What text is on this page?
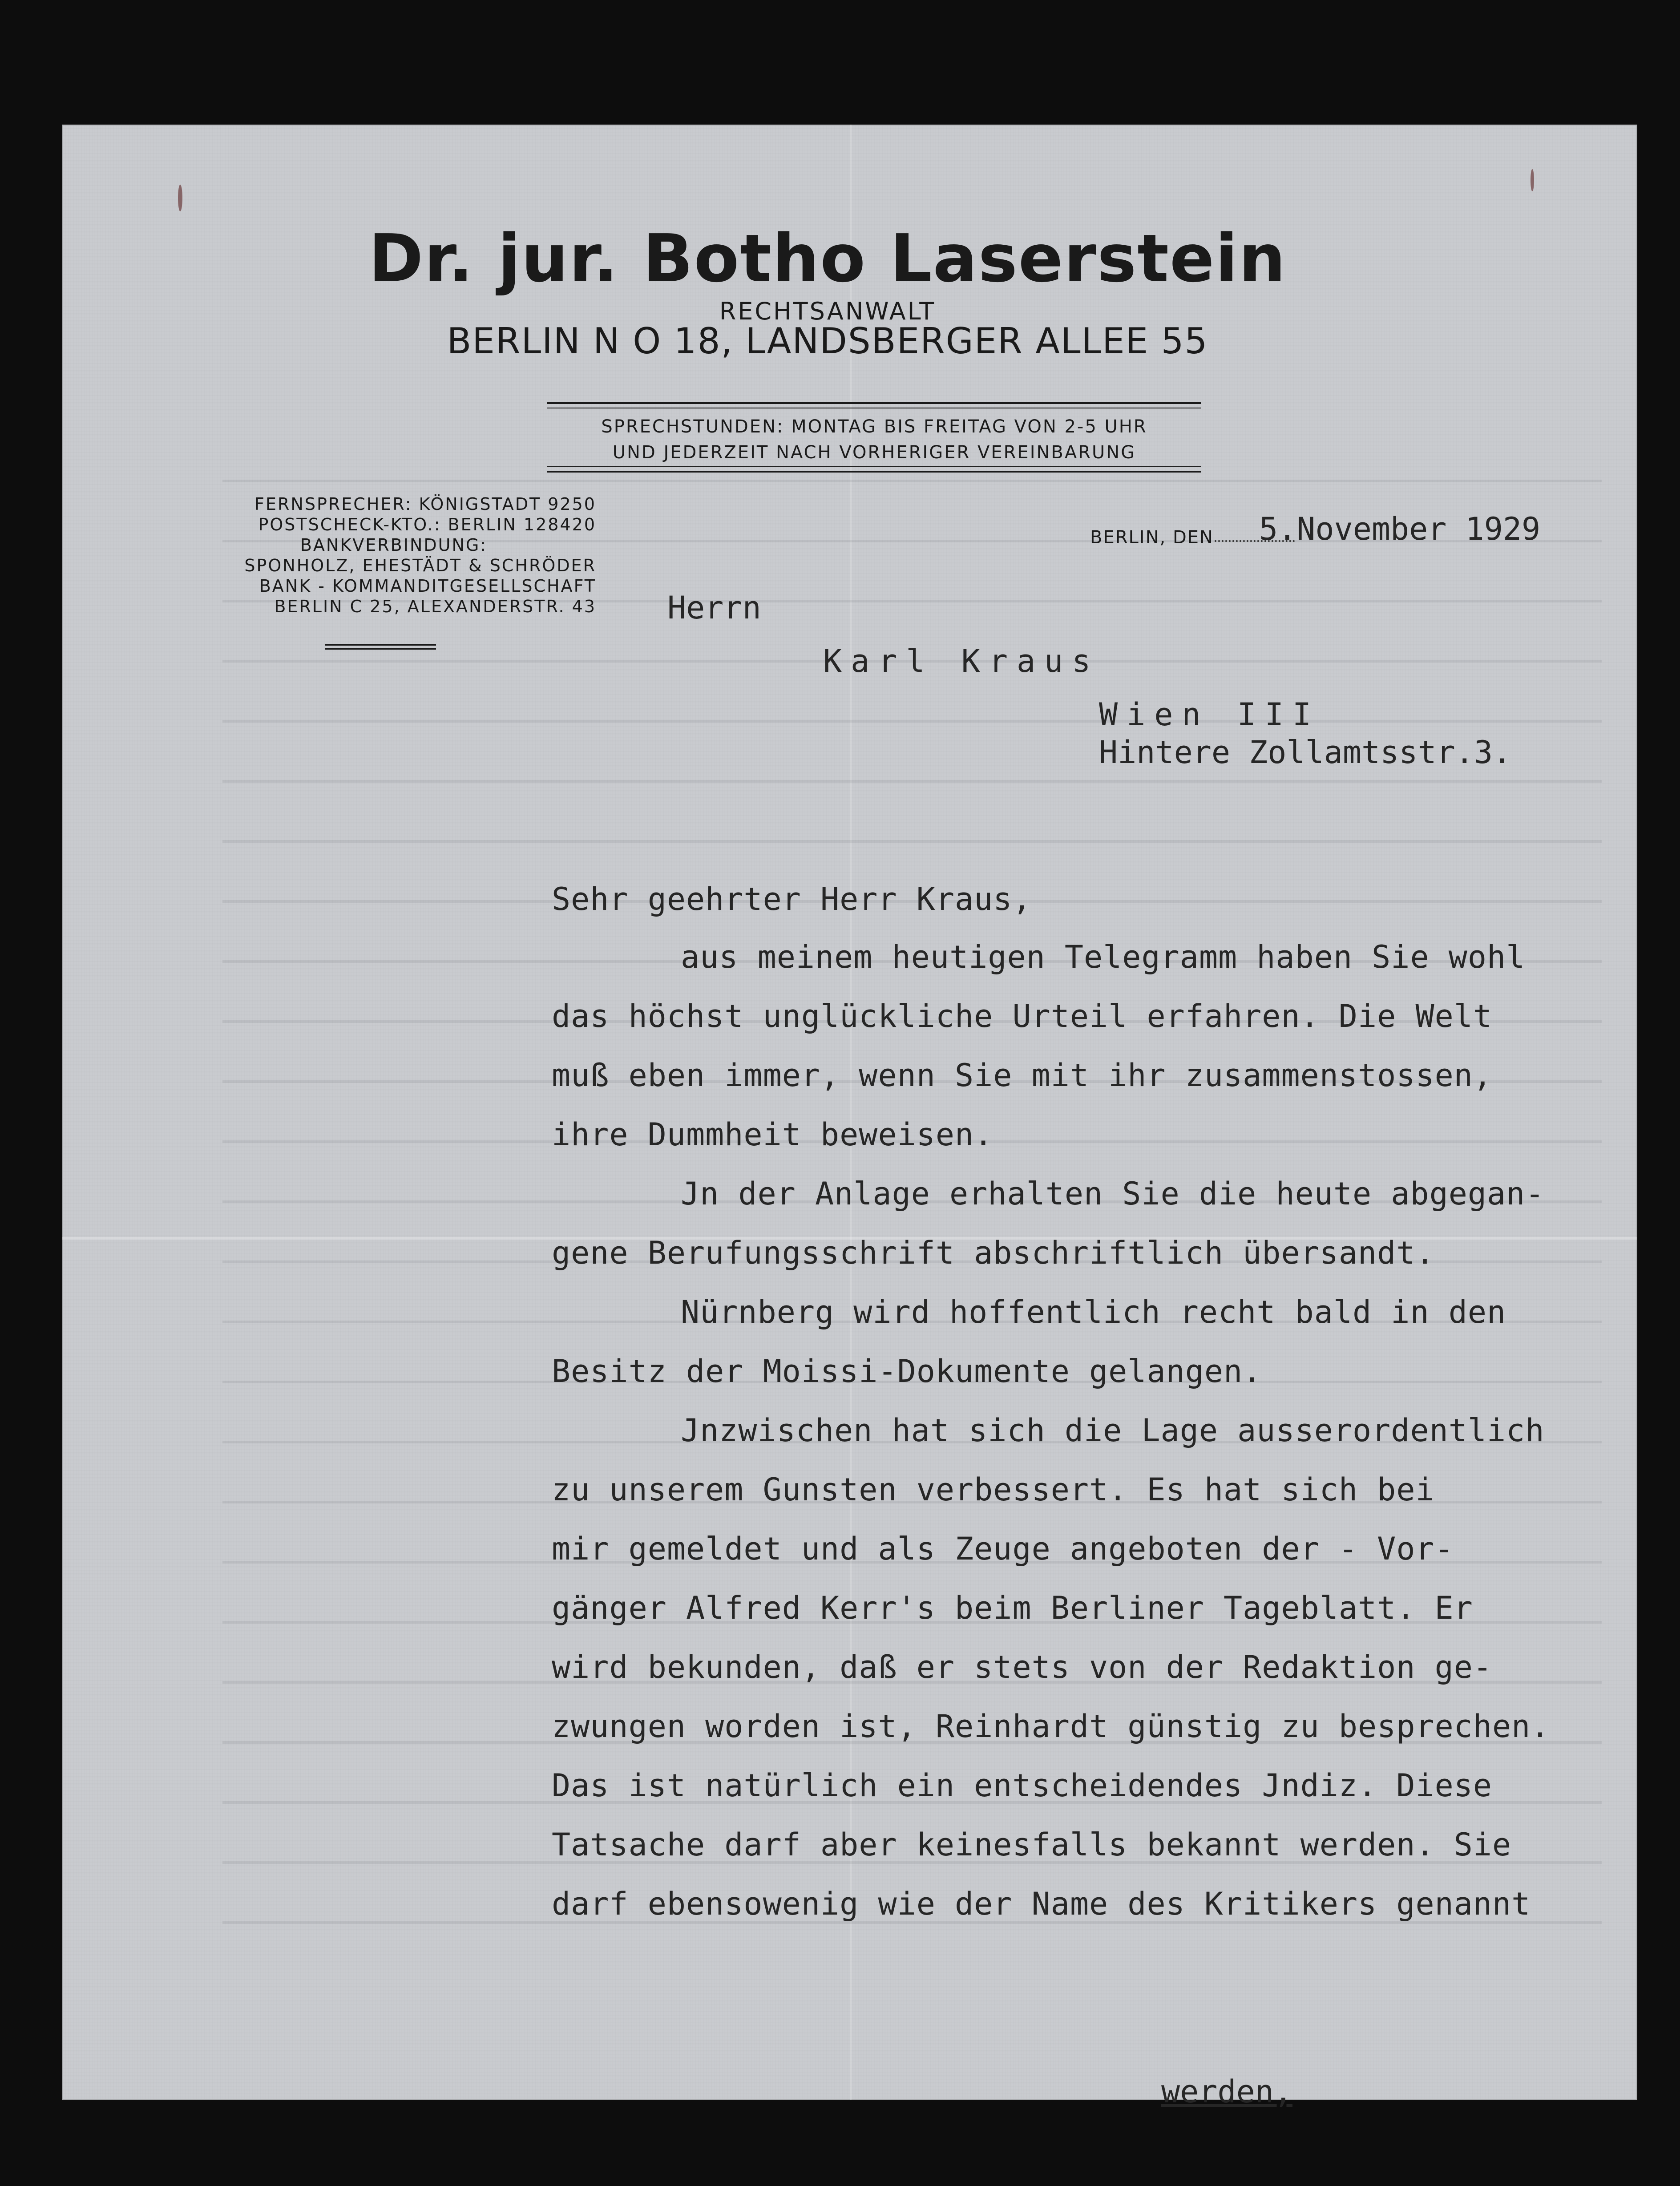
Dr. jur. Botho Laserstein
RECHTSANWALT
BERLIN N O 18, LANDSBERGER ALLEE 55
SPRECHSTUNDEN: MONTAG BIS FREITAG VON 2-5 UHR
UND JEDERZEIT NACH VORHERIGER VEREINBARUNG
FERNSPRECHER: KÖNIGSTADT 9250
POSTSCHECK-KTO.: BERLIN 128420
BANKVERBINDUNG:
SPONHOLZ, EHESTÄDT & SCHRÖDER
BANK - KOMMANDITGESELLSCHAFT
BERLIN C 25, ALEXANDERSTR. 43
BERLIN, DEN 5.November 1929
Herrn
Karl Kraus
Wien III
Hintere Zollamtsstr.3.
Sehr geehrter Herr Kraus,
aus meinem heutigen Telegramm haben Sie wohl
das höchst unglückliche Urteil erfahren. Die Welt
muß eben immer, wenn Sie mit ihr zusammenstossen,
ihre Dummheit beweisen.
Jn der Anlage erhalten Sie die heute abgegan-
gene Berufungsschrift abschriftlich übersandt.
Nürnberg wird hoffentlich recht bald in den
Besitz der Moissi-Dokumente gelangen.
Jnzwischen hat sich die Lage ausserordentlich
zu unserem Gunsten verbessert. Es hat sich bei
mir gemeldet und als Zeuge angeboten der - Vor-
gänger Alfred Kerr's beim Berliner Tageblatt. Er
wird bekunden, daß er stets von der Redaktion ge-
zwungen worden ist, Reinhardt günstig zu besprechen.
Das ist natürlich ein entscheidendes Jndiz. Diese
Tatsache darf aber keinesfalls bekannt werden. Sie
darf ebensowenig wie der Name des Kritikers genannt
werden,
